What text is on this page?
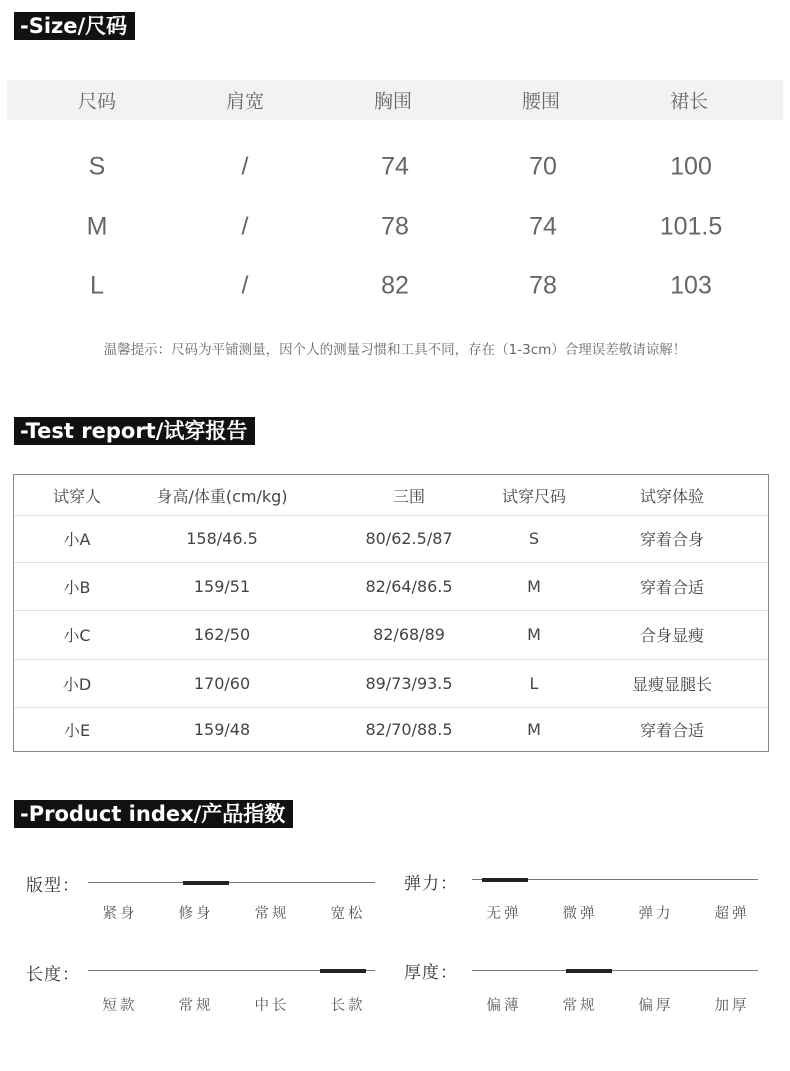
-Size/尺码
-Test report/试穿报告
-Product index/产品指数
尺码	肩宽	胸围	腰围	裙长
S	/	74	70	100
M	/	78	74	101.5
L	/	82	78	103
温馨提示：尺码为平铺测量，因个人的测量习惯和工具不同，存在（1-3cm）合理误差敬请谅解！
试穿人	身高/体重(cm/kg)	三围	试穿尺码	试穿体验
小A	158/46.5	80/62.5/87	S	穿着合身
小B	159/51	82/64/86.5	M	穿着合适
小C	162/50	82/68/89	M	合身显瘦
小D	170/60	89/73/93.5	L	显瘦显腿长
小E	159/48	82/70/88.5	M	穿着合适
版型：
紧身	修身	常规	宽松
弹力：
无弹	微弹	弹力	超弹
长度：
短款	常规	中长	长款
厚度：
偏薄	常规	偏厚	加厚
